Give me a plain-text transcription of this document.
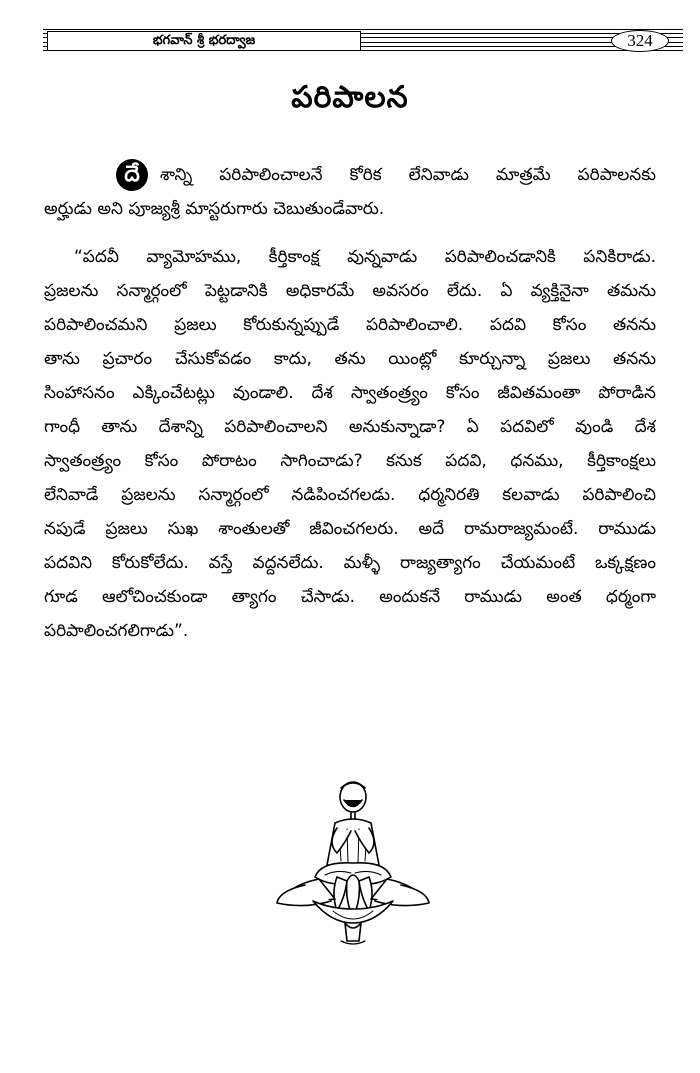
భగవాన్ శ్రీ భరద్వాజ	324
పరిపాలన
దే	శాన్ని పరిపాలించాలనే కోరిక లేనివాడు మాత్రమే పరిపాలనకు
అర్హుడు అని పూజ్యశ్రీ మాస్టరుగారు చెబుతుండేవారు.
“పదవీ వ్యామోహము, కీర్తికాంక్ష వున్నవాడు పరిపాలించడానికి పనికిరాడు.
ప్రజలను సన్మార్గంలో పెట్టడానికి అధికారమే అవసరం లేదు. ఏ వ్యక్తినైనా తమను
పరిపాలించమని ప్రజలు కోరుకున్నప్పుడే పరిపాలించాలి. పదవి కోసం తనను
తాను ప్రచారం చేసుకోవడం కాదు, తను యింట్లో కూర్చున్నా ప్రజలు తనను
సింహాసనం ఎక్కించేటట్లు వుండాలి. దేశ స్వాతంత్ర్యం కోసం జీవితమంతా పోరాడిన
గాంధీ తాను దేశాన్ని పరిపాలించాలని అనుకున్నాడా? ఏ పదవిలో వుండి దేశ
స్వాతంత్ర్యం కోసం పోరాటం సాగించాడు? కనుక పదవి, ధనము, కీర్తికాంక్షలు
లేనివాడే ప్రజలను సన్మార్గంలో నడిపించగలడు. ధర్మనిరతి కలవాడు పరిపాలించి
నపుడే ప్రజలు సుఖ శాంతులతో జీవించగలరు. అదే రామరాజ్యమంటే. రాముడు
పదవిని కోరుకోలేదు. వస్తే వద్దనలేదు. మళ్ళీ రాజ్యత్యాగం చేయమంటే ఒక్కక్షణం
గూడ ఆలోచించకుండా త్యాగం చేసాడు. అందుకనే రాముడు అంత ధర్మంగా
పరిపాలించగలిగాడు”.
